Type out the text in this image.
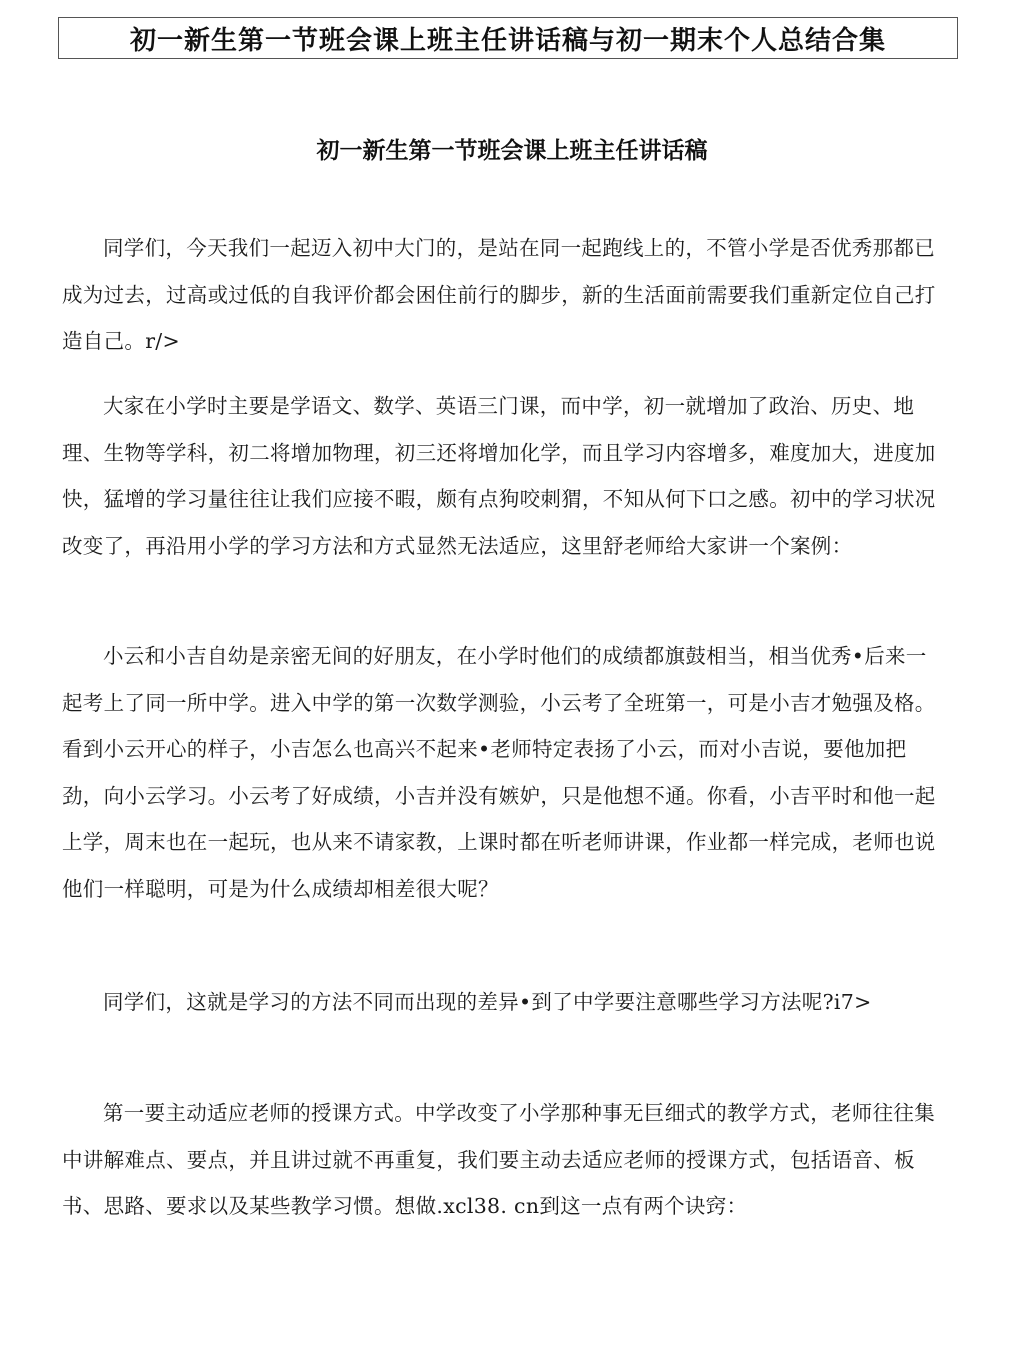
初一新生第一节班会课上班主任讲话稿与初一期末个人总结合集
初一新生第一节班会课上班主任讲话稿

同学们，今天我们一起迈入初中大门的，是站在同一起跑线上的，不管小学是否优秀那都已成为过去，过高或过低的自我评价都会困住前行的脚步，新的生活面前需要我们重新定位自己打造自己。r/>

大家在小学时主要是学语文、数学、英语三门课，而中学，初一就增加了政治、历史、地理、生物等学科，初二将增加物理，初三还将增加化学，而且学习内容增多，难度加大，进度加快，猛增的学习量往往让我们应接不暇，颇有点狗咬刺猬，不知从何下口之感。初中的学习状况改变了，再沿用小学的学习方法和方式显然无法适应，这里舒老师给大家讲一个案例：

小云和小吉自幼是亲密无间的好朋友，在小学时他们的成绩都旗鼓相当，相当优秀•后来一起考上了同一所中学。进入中学的第一次数学测验，小云考了全班第一，可是小吉才勉强及格。看到小云开心的样子，小吉怎么也高兴不起来•老师特定表扬了小云，而对小吉说，要他加把劲，向小云学习。小云考了好成绩，小吉并没有嫉妒，只是他想不通。你看，小吉平时和他一起上学，周末也在一起玩，也从来不请家教，上课时都在听老师讲课，作业都一样完成，老师也说他们一样聪明，可是为什么成绩却相差很大呢？

同学们，这就是学习的方法不同而出现的差异•到了中学要注意哪些学习方法呢?i7>

第一要主动适应老师的授课方式。中学改变了小学那种事无巨细式的教学方式，老师往往集中讲解难点、要点，并且讲过就不再重复，我们要主动去适应老师的授课方式，包括语音、板书、思路、要求以及某些教学习惯。想做.xcl38. cn到这一点有两个诀窍：
